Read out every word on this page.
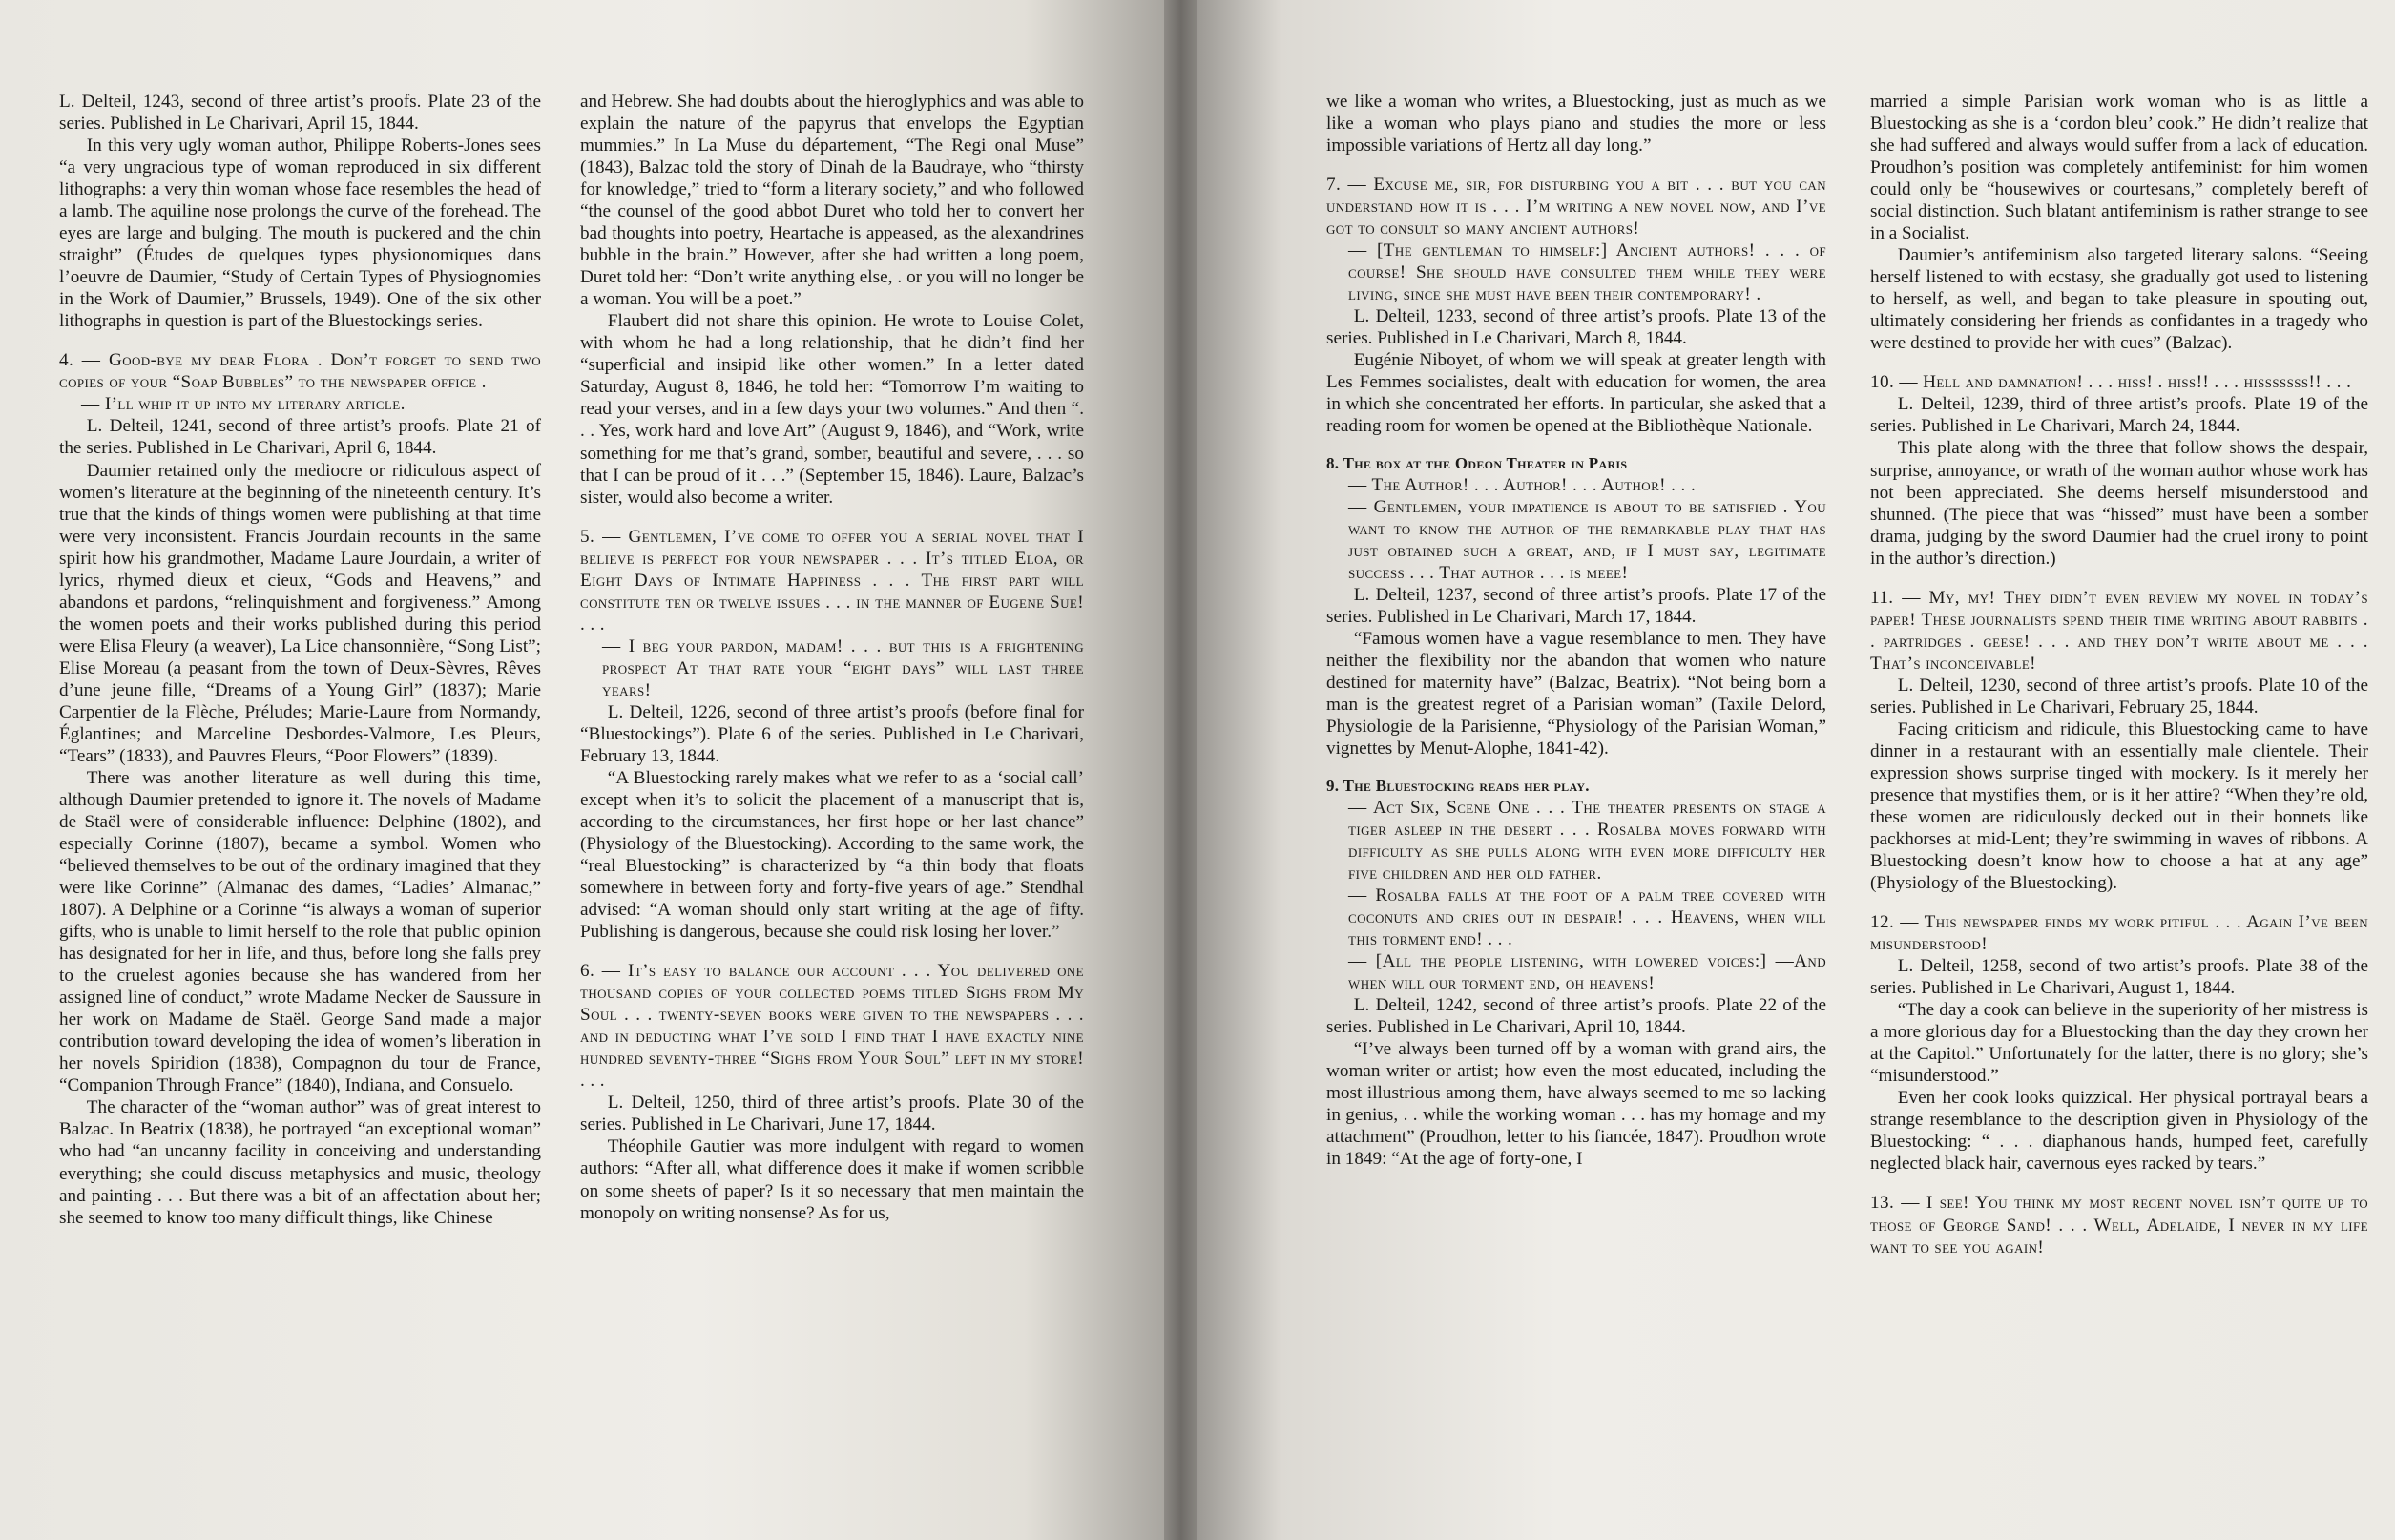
L. Delteil, 1243, second of three artist’s proofs. Plate 23 of the series. Published in Le Charivari, April 15, 1844.

In this very ugly woman author, Philippe Roberts-Jones sees “a very ungracious type of woman reproduced in six different lithographs: a very thin woman whose face resembles the head of a lamb. The aquiline nose prolongs the curve of the forehead. The eyes are large and bulging. The mouth is puckered and the chin straight” (Études de quelques types physionomiques dans l’oeuvre de Daumier, “Study of Certain Types of Physiognomies in the Work of Daumier,” Brussels, 1949). One of the six other lithographs in question is part of the Bluestockings series.

4. — Good-bye my dear Flora . Don’t forget to send two copies of your “Soap Bubbles” to the newspaper office .

— I’ll whip it up into my literary article.

L. Delteil, 1241, second of three artist’s proofs. Plate 21 of the series. Published in Le Charivari, April 6, 1844.

Daumier retained only the mediocre or ridiculous aspect of women’s literature at the beginning of the nineteenth century. It’s true that the kinds of things women were publishing at that time were very inconsistent. Francis Jourdain recounts in the same spirit how his grandmother, Madame Laure Jourdain, a writer of lyrics, rhymed dieux et cieux, “Gods and Heavens,” and abandons et pardons, “relinquishment and forgiveness.” Among the women poets and their works published during this period were Elisa Fleury (a weaver), La Lice chansonnière, “Song List”; Elise Moreau (a peasant from the town of Deux-Sèvres, Rêves d’une jeune fille, “Dreams of a Young Girl” (1837); Marie Carpentier de la Flèche, Préludes; Marie-Laure from Normandy, Églantines; and Marceline Desbordes-Valmore, Les Pleurs, “Tears” (1833), and Pauvres Fleurs, “Poor Flowers” (1839).

There was another literature as well during this time, although Daumier pretended to ignore it. The novels of Madame de Staël were of considerable influence: Delphine (1802), and especially Corinne (1807), became a symbol. Women who “believed themselves to be out of the ordinary imagined that they were like Corinne” (Almanac des dames, “Ladies’ Almanac,” 1807). A Delphine or a Corinne “is always a woman of superior gifts, who is unable to limit herself to the role that public opinion has designated for her in life, and thus, before long she falls prey to the cruelest agonies because she has wandered from her assigned line of conduct,” wrote Madame Necker de Saussure in her work on Madame de Staël. George Sand made a major contribution toward developing the idea of women’s liberation in her novels Spiridion (1838), Compagnon du tour de France, “Companion Through France” (1840), Indiana, and Consuelo.

The character of the “woman author” was of great interest to Balzac. In Beatrix (1838), he portrayed “an exceptional woman” who had “an uncanny facility in conceiving and understanding everything; she could discuss metaphysics and music, theology and painting . . . But there was a bit of an affectation about her; she seemed to know too many difficult things, like Chinese

and Hebrew. She had doubts about the hieroglyphics and was able to explain the nature of the papyrus that envelops the Egyptian mummies.” In La Muse du département, “The Regi onal Muse” (1843), Balzac told the story of Dinah de la Baudraye, who “thirsty for knowledge,” tried to “form a literary society,” and who followed “the counsel of the good abbot Duret who told her to convert her bad thoughts into poetry, Heartache is appeased, as the alexandrines bubble in the brain.” However, after she had written a long poem, Duret told her: “Don’t write anything else, . or you will no longer be a woman. You will be a poet.”

Flaubert did not share this opinion. He wrote to Louise Colet, with whom he had a long relationship, that he didn’t find her “superficial and insipid like other women.” In a letter dated Saturday, August 8, 1846, he told her: “Tomorrow I’m waiting to read your verses, and in a few days your two volumes.” And then “. . . Yes, work hard and love Art” (August 9, 1846), and “Work, write something for me that’s grand, somber, beautiful and severe, . . . so that I can be proud of it . . .” (September 15, 1846). Laure, Balzac’s sister, would also become a writer.

5. — Gentlemen, I’ve come to offer you a serial novel that I believe is perfect for your newspaper . . . It’s titled Eloa, or Eight Days of Intimate Happiness . . . The first part will constitute ten or twelve issues . . . in the manner of Eugene Sue! . . .

— I beg your pardon, madam! . . . but this is a frightening prospect At that rate your “eight days” will last three years!

L. Delteil, 1226, second of three artist’s proofs (before final for “Bluestockings”). Plate 6 of the series. Published in Le Charivari, February 13, 1844.

“A Bluestocking rarely makes what we refer to as a ‘social call’ except when it’s to solicit the placement of a manuscript that is, according to the circumstances, her first hope or her last chance” (Physiology of the Bluestocking). According to the same work, the “real Bluestocking” is characterized by “a thin body that floats somewhere in between forty and forty-five years of age.” Stendhal advised: “A woman should only start writing at the age of fifty. Publishing is dangerous, because she could risk losing her lover.”

6. — It’s easy to balance our account . . . You delivered one thousand copies of your collected poems titled Sighs from My Soul . . . twenty-seven books were given to the newspapers . . . and in deducting what I’ve sold I find that I have exactly nine hundred seventy-three “Sighs from Your Soul” left in my store! . . .

L. Delteil, 1250, third of three artist’s proofs. Plate 30 of the series. Published in Le Charivari, June 17, 1844.

Théophile Gautier was more indulgent with regard to women authors: “After all, what difference does it make if women scribble on some sheets of paper? Is it so necessary that men maintain the monopoly on writing nonsense? As for us,

we like a woman who writes, a Bluestocking, just as much as we like a woman who plays piano and studies the more or less impossible variations of Hertz all day long.”

7. — Excuse me, sir, for disturbing you a bit . . . but you can understand how it is . . . I’m writing a new novel now, and I’ve got to consult so many ancient authors!

— [The gentleman to himself:] Ancient authors! . . . of course! She should have consulted them while they were living, since she must have been their contemporary! .

L. Delteil, 1233, second of three artist’s proofs. Plate 13 of the series. Published in Le Charivari, March 8, 1844.

Eugénie Niboyet, of whom we will speak at greater length with Les Femmes socialistes, dealt with education for women, the area in which she concentrated her efforts. In particular, she asked that a reading room for women be opened at the Bibliothèque Nationale.

8. The box at the Odeon Theater in Paris

— The Author! . . . Author! . . . Author! . . .

— Gentlemen, your impatience is about to be satisfied . You want to know the author of the remarkable play that has just obtained such a great, and, if I must say, legitimate success . . . That author . . . is meee!

L. Delteil, 1237, second of three artist’s proofs. Plate 17 of the series. Published in Le Charivari, March 17, 1844.

“Famous women have a vague resemblance to men. They have neither the flexibility nor the abandon that women who nature destined for maternity have” (Balzac, Beatrix). “Not being born a man is the greatest regret of a Parisian woman” (Taxile Delord, Physiologie de la Parisienne, “Physiology of the Parisian Woman,” vignettes by Menut-Alophe, 1841-42).

9. The Bluestocking reads her play.

— Act Six, Scene One . . . The theater presents on stage a tiger asleep in the desert . . . Rosalba moves forward with difficulty as she pulls along with even more difficulty her five children and her old father.

— Rosalba falls at the foot of a palm tree covered with coconuts and cries out in despair! . . . Heavens, when will this torment end! . . .

— [All the people listening, with lowered voices:] —And when will our torment end, oh heavens!

L. Delteil, 1242, second of three artist’s proofs. Plate 22 of the series. Published in Le Charivari, April 10, 1844.

“I’ve always been turned off by a woman with grand airs, the woman writer or artist; how even the most educated, including the most illustrious among them, have always seemed to me so lacking in genius, . . while the working woman . . . has my homage and my attachment” (Proudhon, letter to his fiancée, 1847). Proudhon wrote in 1849: “At the age of forty-one, I

married a simple Parisian work woman who is as little a Bluestocking as she is a ‘cordon bleu’ cook.” He didn’t realize that she had suffered and always would suffer from a lack of education. Proudhon’s position was completely antifeminist: for him women could only be “housewives or courtesans,” completely bereft of social distinction. Such blatant antifeminism is rather strange to see in a Socialist.

Daumier’s antifeminism also targeted literary salons. “Seeing herself listened to with ecstasy, she gradually got used to listening to herself, as well, and began to take pleasure in spouting out, ultimately considering her friends as confidantes in a tragedy who were destined to provide her with cues” (Balzac).

10. — Hell and damnation! . . . hiss! . hiss!! . . . hisssssss!! . . .

L. Delteil, 1239, third of three artist’s proofs. Plate 19 of the series. Published in Le Charivari, March 24, 1844.

This plate along with the three that follow shows the despair, surprise, annoyance, or wrath of the woman author whose work has not been appreciated. She deems herself misunderstood and shunned. (The piece that was “hissed” must have been a somber drama, judging by the sword Daumier had the cruel irony to point in the author’s direction.)

11. — My, my! They didn’t even review my novel in today’s paper! These journalists spend their time writing about rabbits . . partridges . geese! . . . and they don’t write about me . . . That’s inconceivable!

L. Delteil, 1230, second of three artist’s proofs. Plate 10 of the series. Published in Le Charivari, February 25, 1844.

Facing criticism and ridicule, this Bluestocking came to have dinner in a restaurant with an essentially male clientele. Their expression shows surprise tinged with mockery. Is it merely her presence that mystifies them, or is it her attire? “When they’re old, these women are ridiculously decked out in their bonnets like packhorses at mid-Lent; they’re swimming in waves of ribbons. A Bluestocking doesn’t know how to choose a hat at any age” (Physiology of the Bluestocking).

12. — This newspaper finds my work pitiful . . . Again I’ve been misunderstood!

L. Delteil, 1258, second of two artist’s proofs. Plate 38 of the series. Published in Le Charivari, August 1, 1844.

“The day a cook can believe in the superiority of her mistress is a more glorious day for a Bluestocking than the day they crown her at the Capitol.” Unfortunately for the latter, there is no glory; she’s “misunderstood.”

Even her cook looks quizzical. Her physical portrayal bears a strange resemblance to the description given in Physiology of the Bluestocking: “ . . . diaphanous hands, humped feet, carefully neglected black hair, cavernous eyes racked by tears.”

13. — I see! You think my most recent novel isn’t quite up to those of George Sand! . . . Well, Adelaide, I never in my life want to see you again!
